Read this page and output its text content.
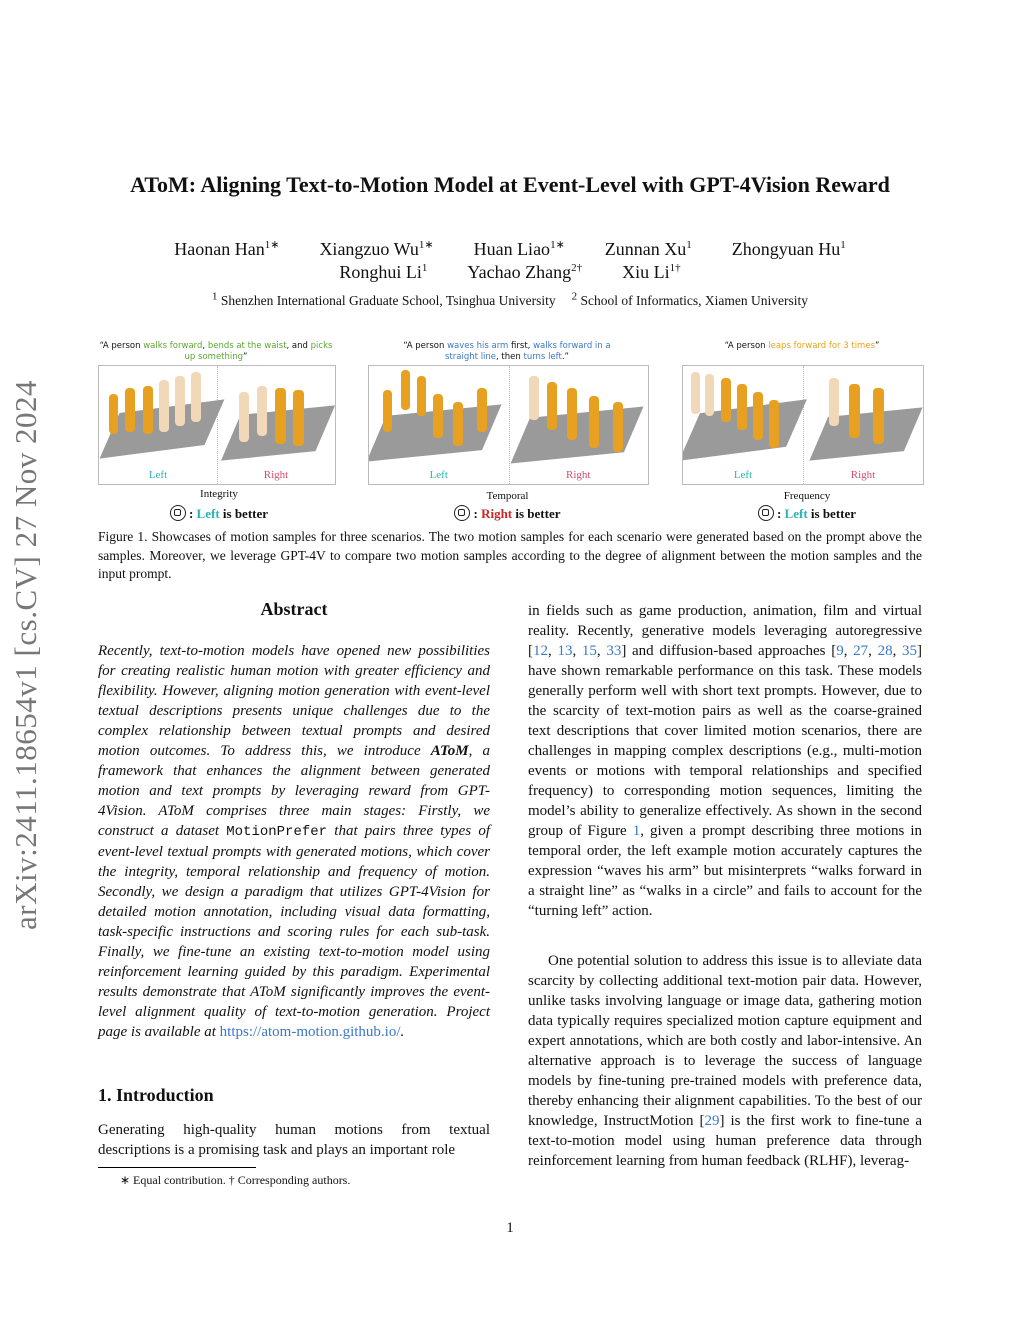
arXiv:2411.18654v1 [cs.CV] 27 Nov 2024
AToM: Aligning Text-to-Motion Model at Event-Level with GPT-4Vision Reward
Haonan Han$^{1∗}$ Xiangzuo $Wu^{1∗}$ Huan Liao$^{1∗}$ Zunnan Xu$^1$ Zhongyuan Hu$^1$
Ronghui Li$^1$ Yachao Zhang$^{2\dagger}$ Xiu $Li^{1\dagger}$
$^1$ Shenzhen International Graduate School, Tsinghua University $^2$ School of Informatics, Xiamen University
“A person walks forward, bends at the waist, and picks up something”
Left	Right
Integrity
: Left is better
“A person waves his arm first, walks forward in a straight line, then turns left.”
Left	Right
Temporal
: Right is better
“A person leaps forward for 3 times”
Left	Right
Frequency
: Left is better
Figure 1. Showcases of motion samples for three scenarios. The two motion samples for each scenario were generated based on the prompt above the samples. Moreover, we leverage GPT-4V to compare two motion samples according to the degree of alignment between the motion samples and the input prompt.
Abstract
Recently, text-to-motion models have opened new possibilities for creating realistic human motion with greater efficiency and flexibility. However, aligning motion generation with event-level textual descriptions presents unique challenges due to the complex relationship between textual prompts and desired motion outcomes. To address this, we introduce AToM, a framework that enhances the alignment between generated motion and text prompts by leveraging reward from GPT-4Vision. AToM comprises three main stages: Firstly, we construct a dataset MotionPrefer that pairs three types of event-level textual prompts with generated motions, which cover the integrity, temporal relationship and frequency of motion. Secondly, we design a paradigm that utilizes GPT-4Vision for detailed motion annotation, including visual data formatting, task-specific instructions and scoring rules for each sub-task. Finally, we fine-tune an existing text-to-motion model using reinforcement learning guided by this paradigm. Experimental results demonstrate that AToM significantly improves the event-level alignment quality of text-to-motion generation. Project page is available at https://atom-motion.github.io/.
1. Introduction
Generating high-quality human motions from textual descriptions is a promising task and plays an important role
∗ Equal contribution. † Corresponding authors.
in fields such as game production, animation, film and virtual reality. Recently, generative models leveraging autoregressive [12, 13, 15, 33] and diffusion-based approaches [9, 27, 28, 35] have shown remarkable performance on this task. These models generally perform well with short text prompts. However, due to the scarcity of text-motion pairs as well as the coarse-grained text descriptions that cover limited motion scenarios, there are challenges in mapping complex descriptions (e.g., multi-motion events or motions with temporal relationships and specified frequency) to corresponding motion sequences, limiting the model’s ability to generalize effectively. As shown in the second group of Figure 1, given a prompt describing three motions in temporal order, the left example motion accurately captures the expression “waves his arm” but misinterprets “walks forward in a straight line” as “walks in a circle” and fails to account for the “turning left” action.
One potential solution to address this issue is to alleviate data scarcity by collecting additional text-motion pair data. However, unlike tasks involving language or image data, gathering motion data typically requires specialized motion capture equipment and expert annotations, which are both costly and labor-intensive. An alternative approach is to leverage the success of language models by fine-tuning pre-trained models with preference data, thereby enhancing their alignment capabilities. To the best of our knowledge, InstructMotion [29] is the first work to fine-tune a text-to-motion model using human preference data through reinforcement learning from human feedback (RLHF), leverag-
1
